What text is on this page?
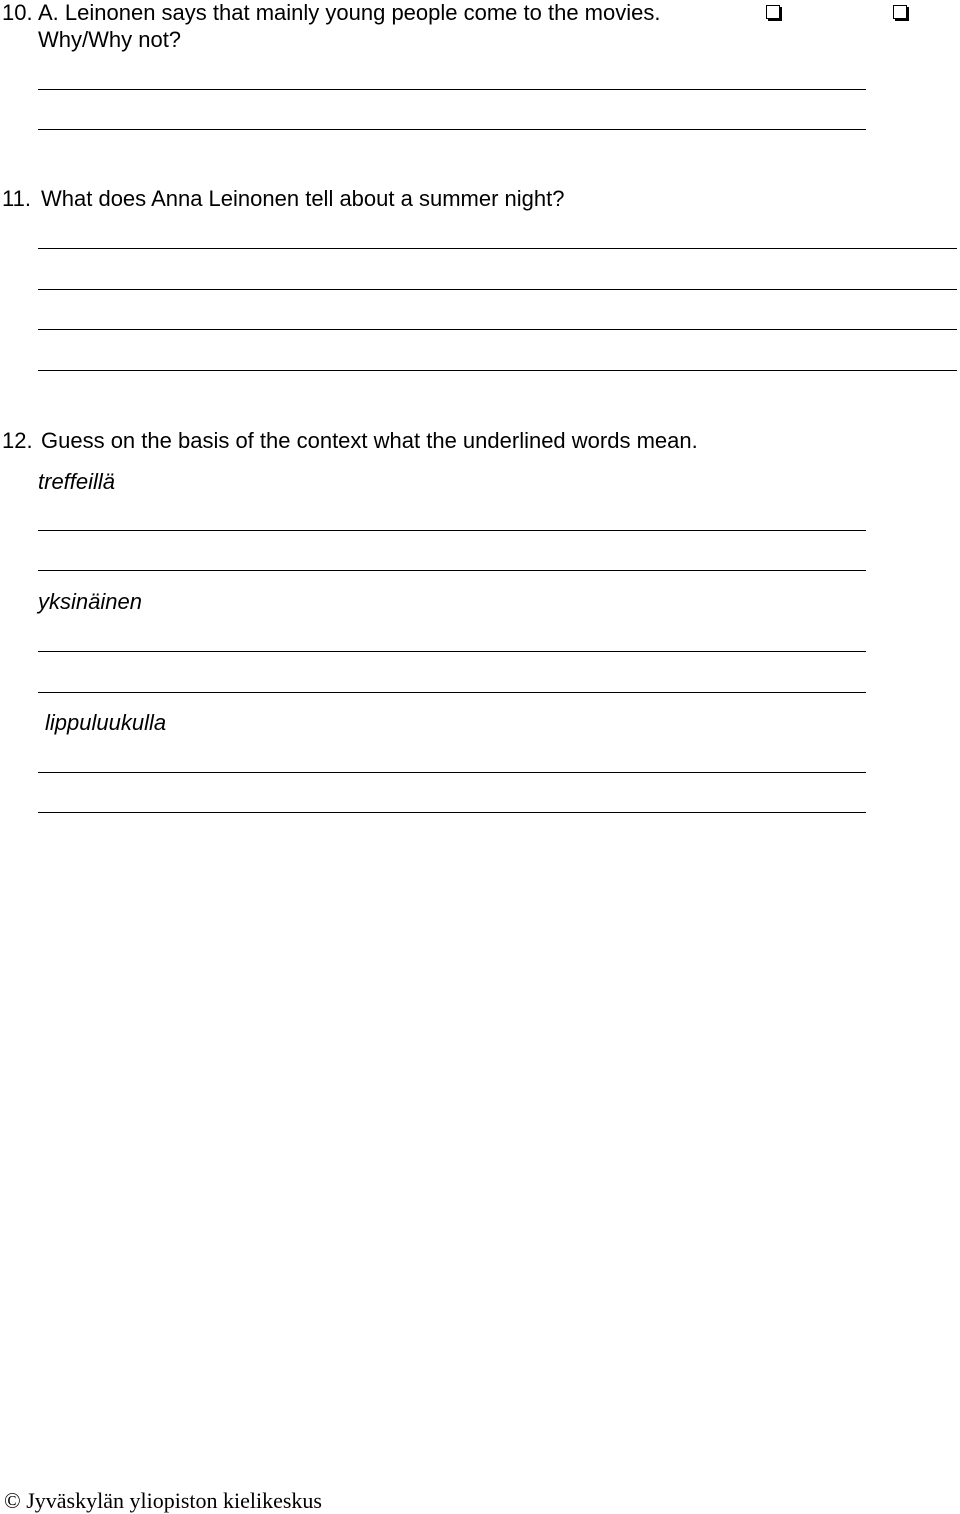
10. A. Leinonen says that mainly young people come to the movies.
Why/Why not?
11. What does Anna Leinonen tell about a summer night?
12. Guess on the basis of the context what the underlined words mean.
treffeillä
yksinäinen
lippuluukulla
© Jyväskylän yliopiston kielikeskus
